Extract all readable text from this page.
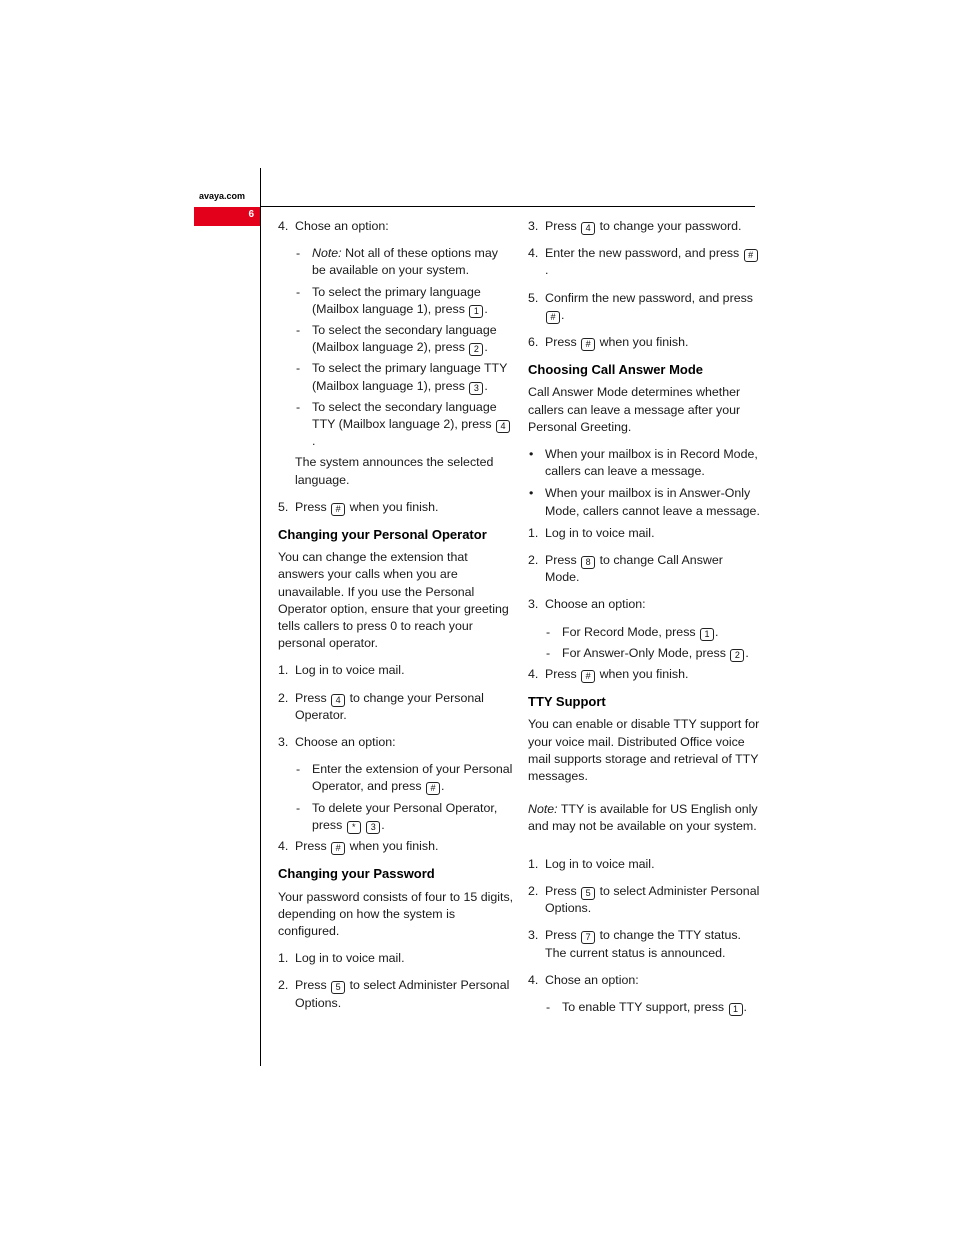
avaya.com
6
4. Chose an option:
- Note: Not all of these options may be available on your system.
- To select the primary language (Mailbox language 1), press 1 .
- To select the secondary language (Mailbox language 2), press 2 .
- To select the primary language TTY (Mailbox language 1), press 3 .
- To select the secondary language TTY (Mailbox language 2), press 4.
The system announces the selected language.
5. Press # when you finish.
Changing your Personal Operator
You can change the extension that answers your calls when you are unavailable. If you use the Personal Operator option, ensure that your greeting tells callers to press 0 to reach your personal operator.
1. Log in to voice mail.
2. Press 4 to change your Personal Operator.
3. Choose an option:
- Enter the extension of your Personal Operator, and press # .
- To delete your Personal Operator, press * 3 .
4. Press # when you finish.
Changing your Password
Your password consists of four to 15 digits, depending on how the system is configured.
1. Log in to voice mail.
2. Press 5 to select Administer Personal Options.
3. Press 4 to change your password.
4. Enter the new password, and press #.
5. Confirm the new password, and press # .
6. Press # when you finish.
Choosing Call Answer Mode
Call Answer Mode determines whether callers can leave a message after your Personal Greeting.
• When your mailbox is in Record Mode, callers can leave a message.
• When your mailbox is in Answer-Only Mode, callers cannot leave a message.
1. Log in to voice mail.
2. Press 8 to change Call Answer Mode.
3. Choose an option:
- For Record Mode, press 1 .
- For Answer-Only Mode, press 2 .
4. Press # when you finish.
TTY Support
You can enable or disable TTY support for your voice mail. Distributed Office voice mail supports storage and retrieval of TTY messages.
Note: TTY is available for US English only and may not be available on your system.
1. Log in to voice mail.
2. Press 5 to select Administer Personal Options.
3. Press 7 to change the TTY status. The current status is announced.
4. Chose an option:
- To enable TTY support, press 1 .
